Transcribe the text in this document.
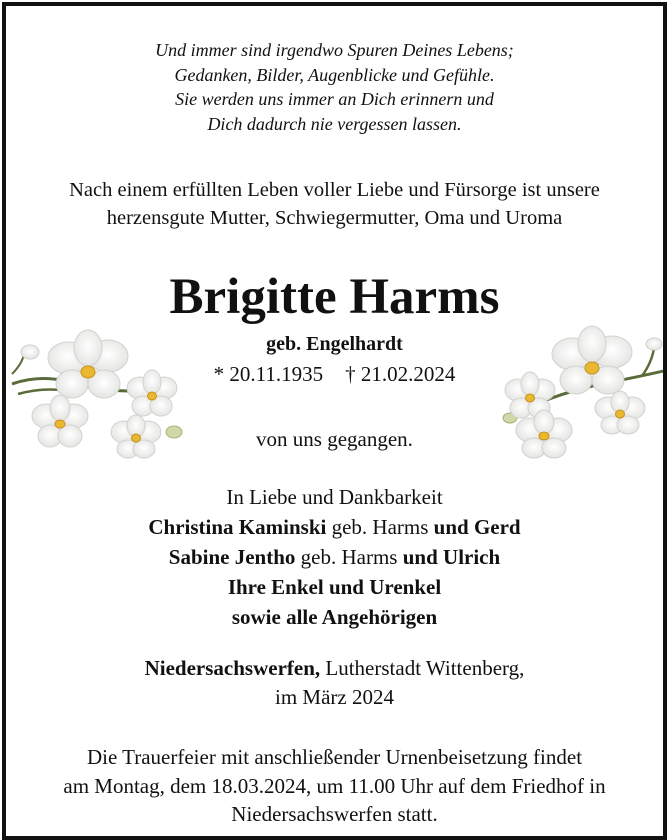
Und immer sind irgendwo Spuren Deines Lebens;
Gedanken, Bilder, Augenblicke und Gefühle.
Sie werden uns immer an Dich erinnern und
Dich dadurch nie vergessen lassen.
Nach einem erfüllten Leben voller Liebe und Fürsorge ist unsere
herzensgute Mutter, Schwiegermutter, Oma und Uroma
Brigitte Harms
geb. Engelhardt
* 20.11.1935 † 21.02.2024
von uns gegangen.
In Liebe und Dankbarkeit
Christina Kaminski geb. Harms und Gerd
Sabine Jentho geb. Harms und Ulrich
Ihre Enkel und Urenkel
sowie alle Angehörigen
Niedersachswerfen, Lutherstadt Wittenberg,
im März 2024
Die Trauerfeier mit anschließender Urnenbeisetzung findet
am Montag, dem 18.03.2024, um 11.00 Uhr auf dem Friedhof in
Niedersachswerfen statt.
